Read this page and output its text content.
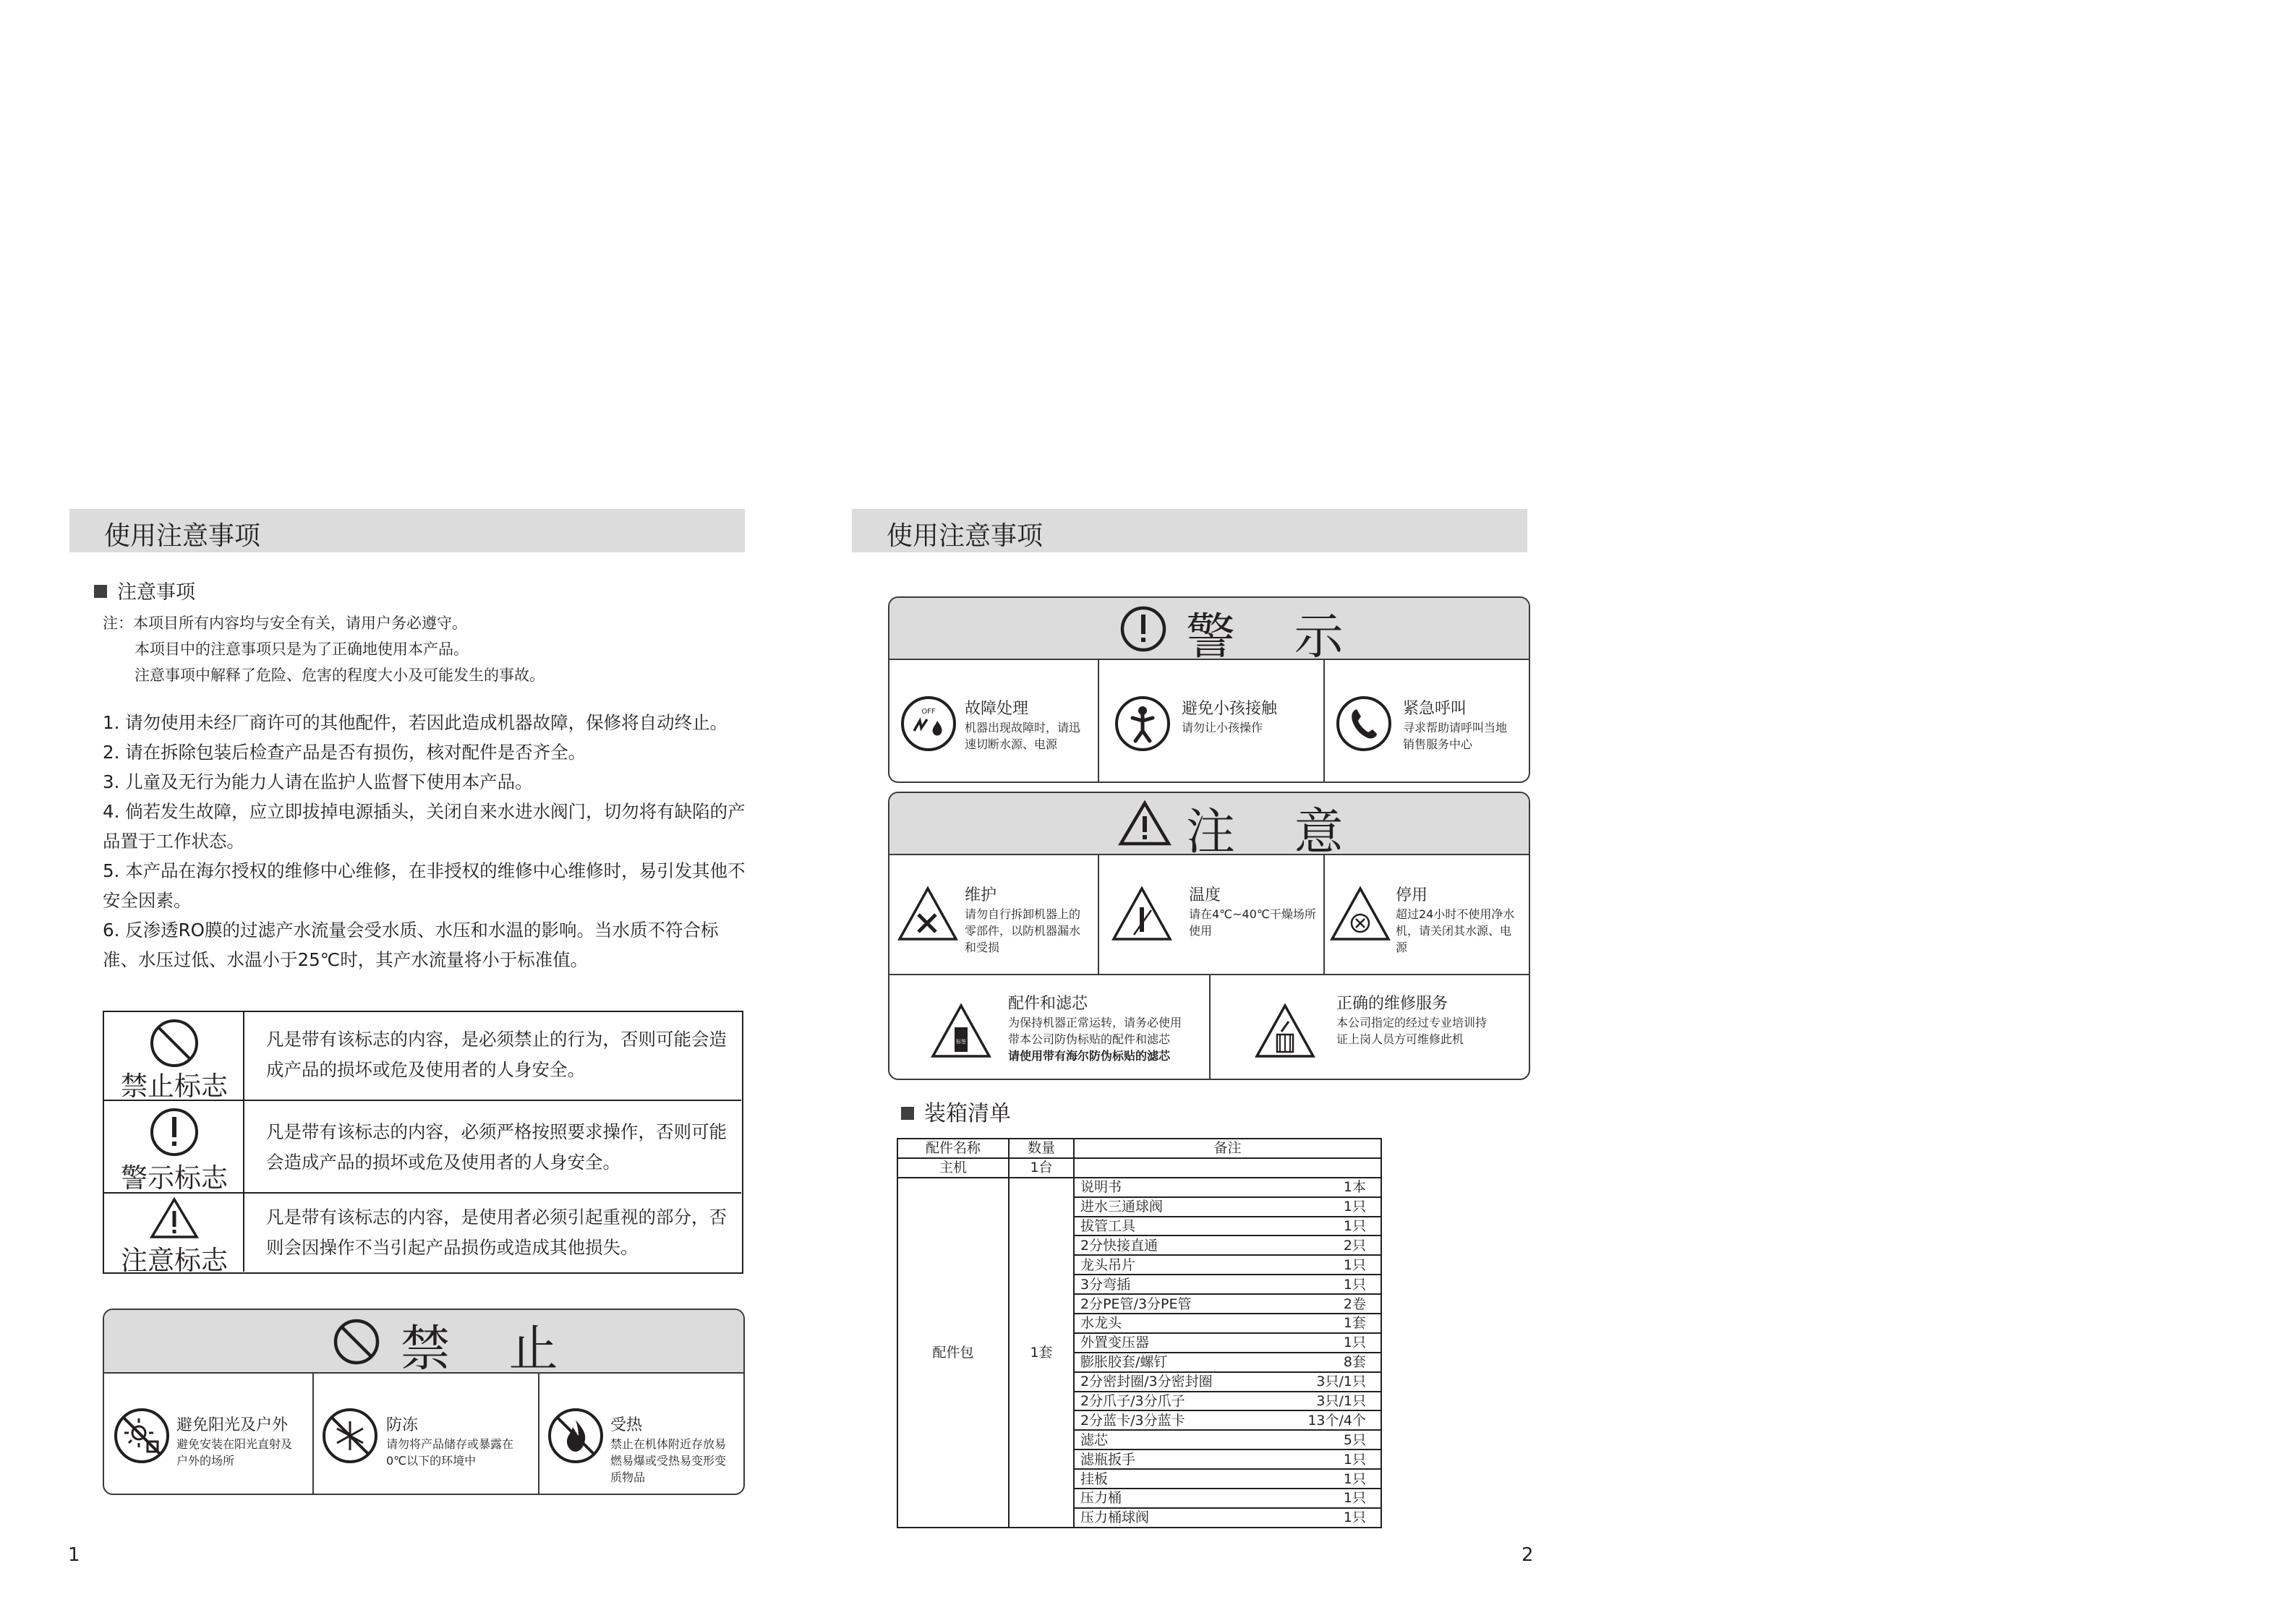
使用注意事项
注意事项
注：本项目所有内容均与安全有关，请用户务必遵守。
本项目中的注意事项只是为了正确地使用本产品。
注意事项中解释了危险、危害的程度大小及可能发生的事故。
1. 请勿使用未经厂商许可的其他配件，若因此造成机器故障，保修将自动终止。
2. 请在拆除包装后检查产品是否有损伤，核对配件是否齐全。
3. 儿童及无行为能力人请在监护人监督下使用本产品。
4. 倘若发生故障，应立即拔掉电源插头，关闭自来水进水阀门，切勿将有缺陷的产
品置于工作状态。
5. 本产品在海尔授权的维修中心维修，在非授权的维修中心维修时，易引发其他不
安全因素。
6. 反渗透RO膜的过滤产水流量会受水质、水压和水温的影响。当水质不符合标
准、水压过低、水温小于25℃时，其产水流量将小于标准值。
禁止标志
凡是带有该标志的内容，是必须禁止的行为，否则可能会造
成产品的损坏或危及使用者的人身安全。
警示标志
凡是带有该标志的内容，必须严格按照要求操作，否则可能
会造成产品的损坏或危及使用者的人身安全。
注意标志
凡是带有该标志的内容，是使用者必须引起重视的部分，否
则会因操作不当引起产品损伤或造成其他损失。
禁 止
避免阳光及户外
避免安装在阳光直射及
户外的场所
防冻
请勿将产品储存或暴露在
0℃以下的环境中
受热
禁止在机体附近存放易
燃易爆或受热易变形变
质物品
1
使用注意事项
警 示
OFF 故障处理
机器出现故障时，请迅
速切断水源、电源
避免小孩接触
请勿让小孩操作
紧急呼叫
寻求帮助请呼叫当地
销售服务中心
注 意
维护
请勿自行拆卸机器上的
零部件，以防机器漏水
和受损
温度
请在4℃~40℃干燥场所
使用
停用
超过24小时不使用净水
机，请关闭其水源、电
源
标签
配件和滤芯
为保持机器正常运转，请务必使用
带本公司防伪标贴的配件和滤芯
请使用带有海尔防伪标贴的滤芯
正确的维修服务
本公司指定的经过专业培训持
证上岗人员方可维修此机
装箱清单
配件名称	数量	备注
主机	1台	
配件包	1套	说明书 1本

		进水三通球阀 1只

		拔管工具 1只

		2分快接直通 2只

		龙头吊片 1只

		3分弯插 1只

		2分PE管/3分PE管 2卷

		水龙头 1套

		外置变压器 1只

		膨胀胶套/螺钉 8套

		2分密封圈/3分密封圈 3只/1只

		2分爪子/3分爪子 3只/1只

		2分蓝卡/3分蓝卡 13个/4个

		滤芯 5只

		滤瓶扳手 1只

		挂板 1只

		压力桶 1只

		压力桶球阀 1只
2
